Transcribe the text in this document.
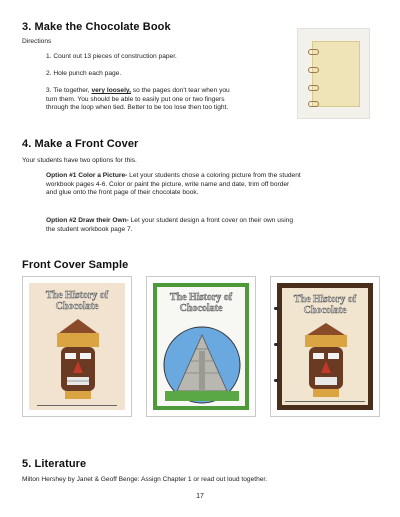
3. Make the Chocolate Book
Directions
1. Count out 13 pieces of construction paper.
2. Hole punch each page.
3. Tie together, very loosely, so the pages don't tear when you
turn them. You should be able to easily put one or two fingers
through the loop when tied. Better to be too lose then too tight.
4. Make a Front Cover
Your students have two options for this.
Option #1 Color a Picture- Let your students chose a coloring picture from the student
workbook pages 4-6. Color or paint the picture, write name and date, trim off border
and glue onto the front page of their chocolate book.
Option #2 Draw their Own- Let your student design a front cover on their own using
the student workbook page 7.
Front Cover Sample
The History of
Chocolate
The History of
Chocolate
The History of
Chocolate
5. Literature
Milton Hershey by Janet & Geoff Benge: Assign Chapter 1 or read out loud together.
17
